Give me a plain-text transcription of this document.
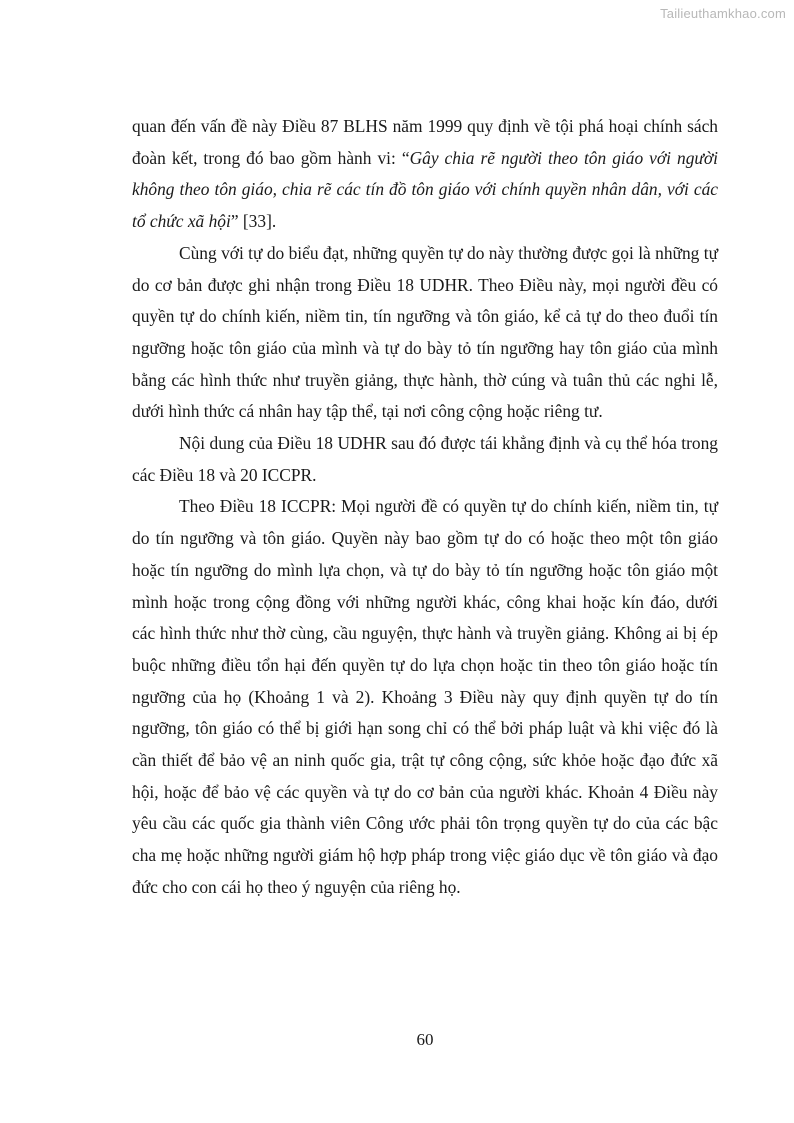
Tailieuthamkhao.com

quan đến vấn đề này Điều 87 BLHS năm 1999 quy định về tội phá hoại chính sách đoàn kết, trong đó bao gồm hành vi: “Gây chia rẽ người theo tôn giáo với người không theo tôn giáo, chia rẽ các tín đồ tôn giáo với chính quyền nhân dân, với các tổ chức xã hội” [33].

Cùng với tự do biểu đạt, những quyền tự do này thường được gọi là những tự do cơ bản được ghi nhận trong Điều 18 UDHR. Theo Điều này, mọi người đều có quyền tự do chính kiến, niềm tin, tín ngưỡng và tôn giáo, kể cả tự do theo đuổi tín ngưỡng hoặc tôn giáo của mình và tự do bày tỏ tín ngưỡng hay tôn giáo của mình bằng các hình thức như truyền giảng, thực hành, thờ cúng và tuân thủ các nghi lễ, dưới hình thức cá nhân hay tập thể, tại nơi công cộng hoặc riêng tư.

Nội dung của Điều 18 UDHR sau đó được tái khẳng định và cụ thể hóa trong các Điều 18 và 20 ICCPR.

Theo Điều 18 ICCPR: Mọi người đề có quyền tự do chính kiến, niềm tin, tự do tín ngưỡng và tôn giáo. Quyền này bao gồm tự do có hoặc theo một tôn giáo hoặc tín ngưỡng do mình lựa chọn, và tự do bày tỏ tín ngưỡng hoặc tôn giáo một mình hoặc trong cộng đồng với những người khác, công khai hoặc kín đáo, dưới các hình thức như thờ cùng, cầu nguyện, thực hành và truyền giảng. Không ai bị ép buộc những điều tổn hại đến quyền tự do lựa chọn hoặc tin theo tôn giáo hoặc tín ngưỡng của họ (Khoảng 1 và 2). Khoảng 3 Điều này quy định quyền tự do tín ngưỡng, tôn giáo có thể bị giới hạn song chỉ có thể bởi pháp luật và khi việc đó là cần thiết để bảo vệ an ninh quốc gia, trật tự công cộng, sức khỏe hoặc đạo đức xã hội, hoặc để bảo vệ các quyền và tự do cơ bản của người khác. Khoản 4 Điều này yêu cầu các quốc gia thành viên Công ước phải tôn trọng quyền tự do của các bậc cha mẹ hoặc những người giám hộ hợp pháp trong việc giáo dục về tôn giáo và đạo đức cho con cái họ theo ý nguyện của riêng họ.

60
